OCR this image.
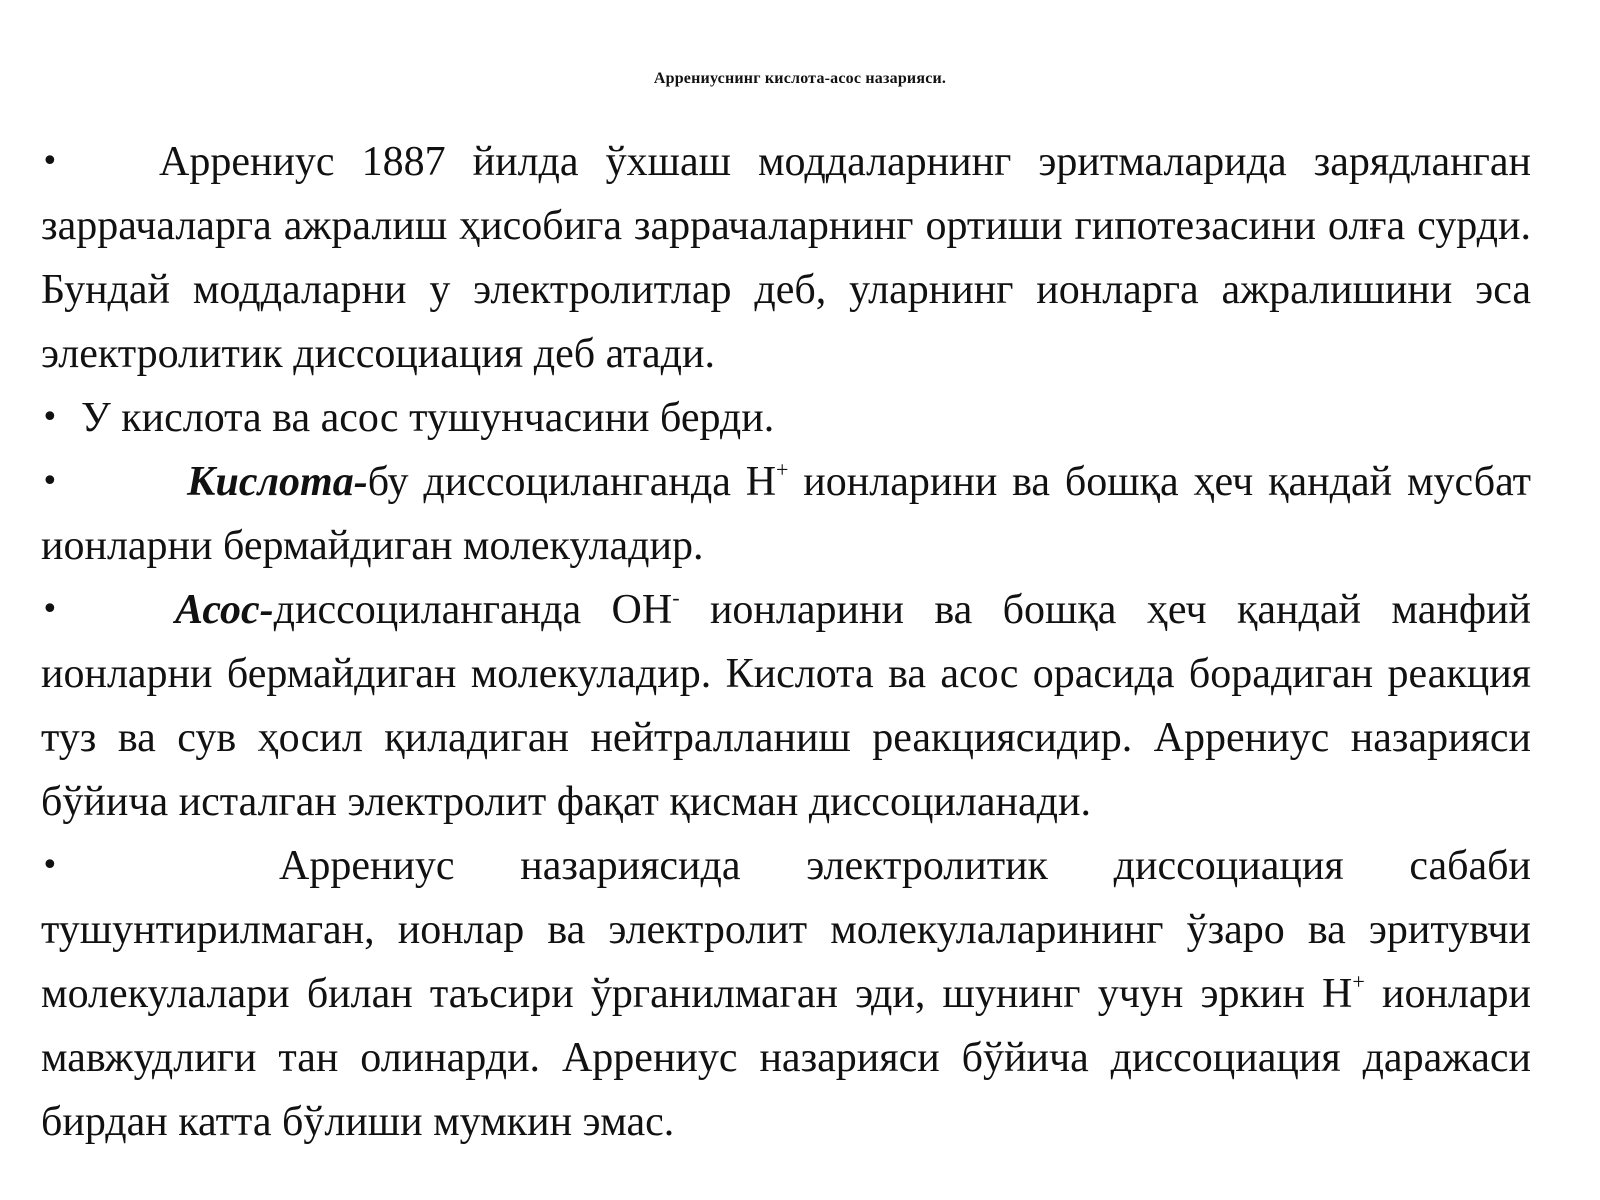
Аррениуснинг кислота-асос назарияси.
• Аррениус 1887 йилда ўхшаш моддаларнинг эритмаларида зарядланган заррачаларга ажралиш ҳисобига заррачаларнинг ортиши гипотезасини олға сурди. Бундай моддаларни у электролитлар деб, уларнинг ионларга ажралишини эса электролитик диссоциация деб атади.
• У кислота ва асос тушунчасини берди.
•	Кислота-бу диссоциланганда H+ ионларини ва бошқа ҳеч қандай мусбат ионларни бермайдиган молекуладир.
•	Асос-диссоциланганда OH- ионларини ва бошқа ҳеч қандай манфий ионларни бермайдиган молекуладир. Кислота ва асос орасида борадиган реакция туз ва сув ҳосил қиладиган нейтралланиш реакциясидир. Аррениус назарияси бўйича исталган электролит фақат қисман диссоциланади.
•	Аррениус назариясида электролитик диссоциация сабаби тушунтирилмаган, ионлар ва электролит молекулаларининг ўзаро ва эритувчи молекулалари билан таъсири ўрганилмаган эди, шунинг учун эркин H+ ионлари мавжудлиги тан олинарди. Аррениус назарияси бўйича диссоциация даражаси бирдан катта бўлиши мумкин эмас.
